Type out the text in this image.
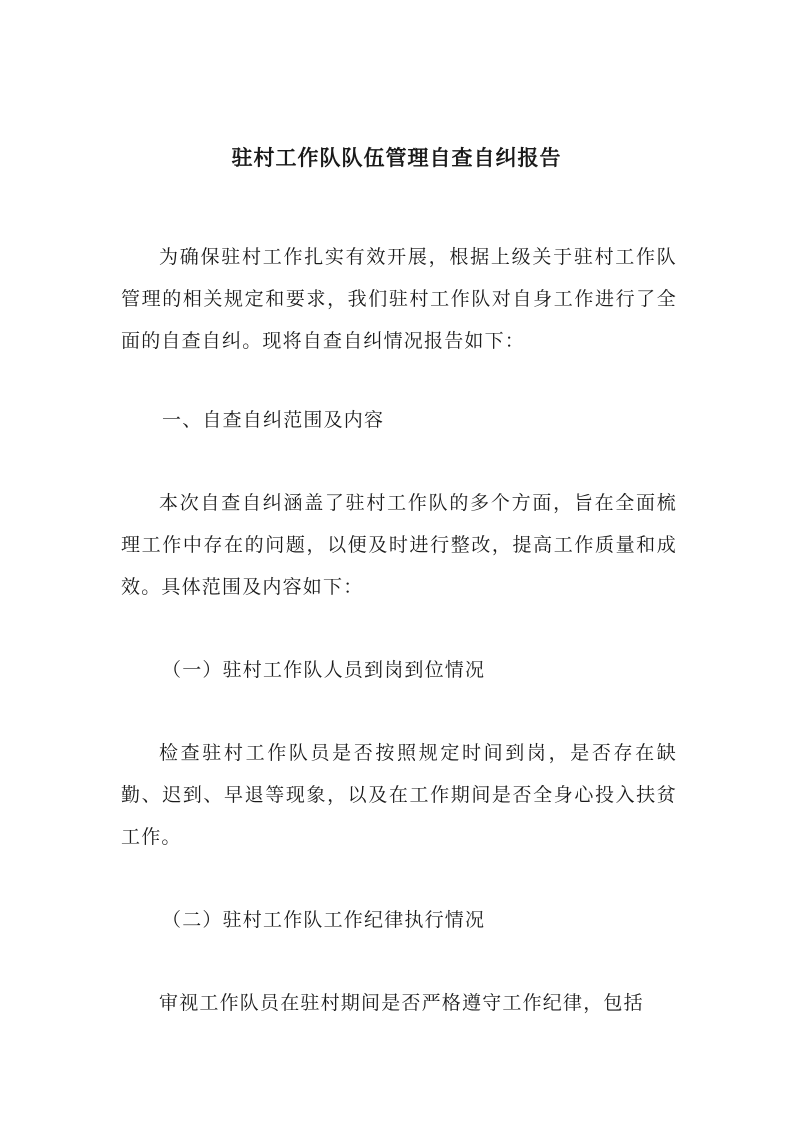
驻村工作队队伍管理自查自纠报告

为确保驻村工作扎实有效开展，根据上级关于驻村工作队管理的相关规定和要求，我们驻村工作队对自身工作进行了全面的自查自纠。现将自查自纠情况报告如下：

一、自查自纠范围及内容

本次自查自纠涵盖了驻村工作队的多个方面，旨在全面梳理工作中存在的问题，以便及时进行整改，提高工作质量和成效。具体范围及内容如下：

（一）驻村工作队人员到岗到位情况

检查驻村工作队员是否按照规定时间到岗，是否存在缺勤、迟到、早退等现象，以及在工作期间是否全身心投入扶贫工作。

（二）驻村工作队工作纪律执行情况

审视工作队员在驻村期间是否严格遵守工作纪律，包括
